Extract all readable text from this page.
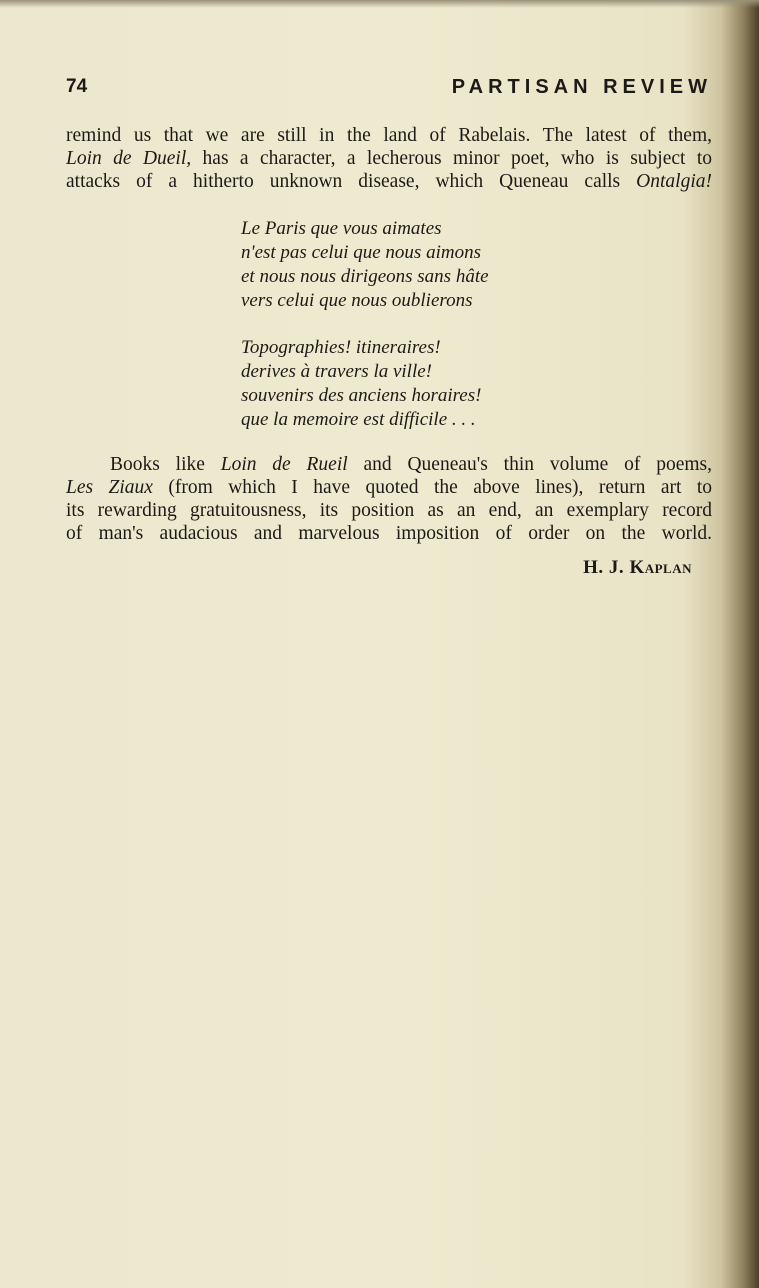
74	PARTISAN REVIEW
remind us that we are still in the land of Rabelais. The latest of them,
Loin de Dueil, has a character, a lecherous minor poet, who is subject to
attacks of a hitherto unknown disease, which Queneau calls Ontalgia!
Le Paris que vous aimates
n'est pas celui que nous aimons
et nous nous dirigeons sans hâte
vers celui que nous oublierons
Topographies! itineraires!
derives à travers la ville!
souvenirs des anciens horaires!
que la memoire est difficile . . .
Books like Loin de Rueil and Queneau's thin volume of poems,
Les Ziaux (from which I have quoted the above lines), return art to
its rewarding gratuitousness, its position as an end, an exemplary record
of man's audacious and marvelous imposition of order on the world.
H. J. Kaplan
